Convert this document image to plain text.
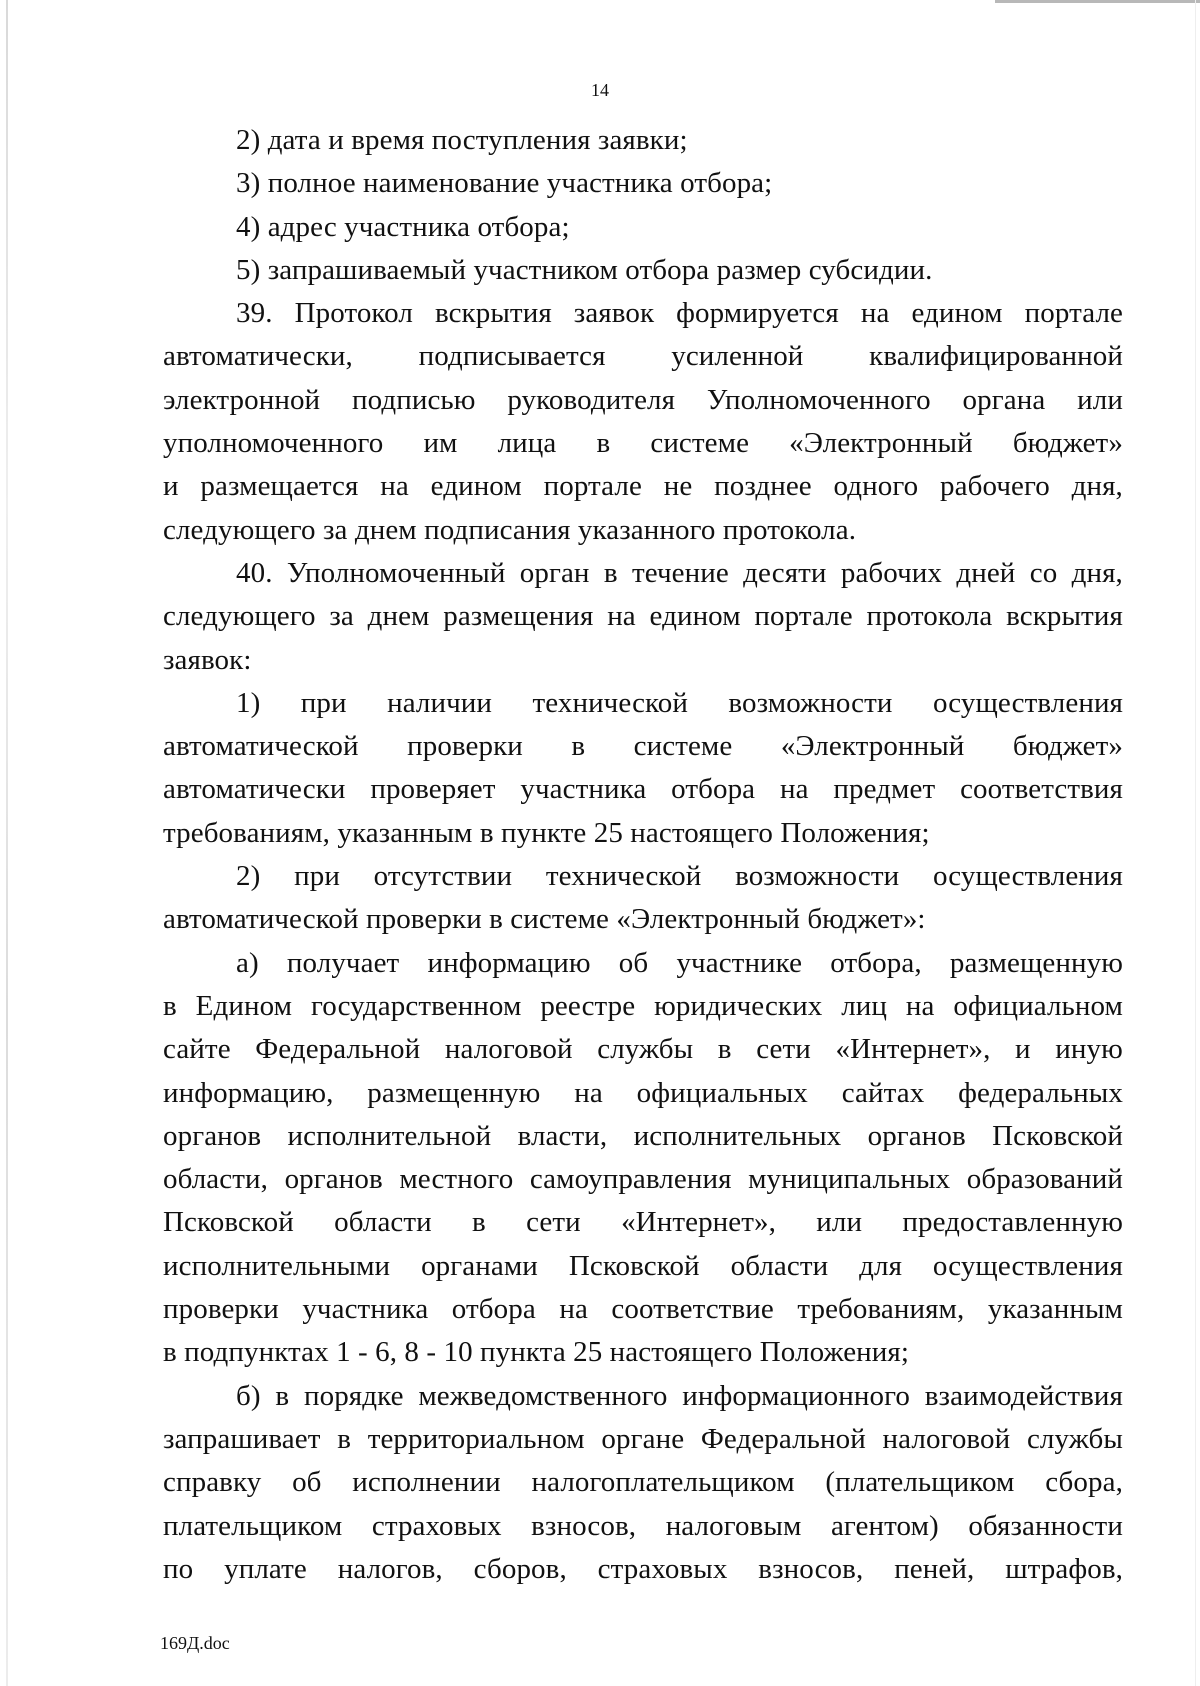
14
2) дата и время поступления заявки;
3) полное наименование участника отбора;
4) адрес участника отбора;
5) запрашиваемый участником отбора размер субсидии.
39. Протокол вскрытия заявок формируется на едином портале
автоматически, подписывается усиленной квалифицированной
электронной подписью руководителя Уполномоченного органа или
уполномоченного им лица в системе «Электронный бюджет»
и размещается на едином портале не позднее одного рабочего дня,
следующего за днем подписания указанного протокола.
40. Уполномоченный орган в течение десяти рабочих дней со дня,
следующего за днем размещения на едином портале протокола вскрытия
заявок:
1) при наличии технической возможности осуществления
автоматической проверки в системе «Электронный бюджет»
автоматически проверяет участника отбора на предмет соответствия
требованиям, указанным в пункте 25 настоящего Положения;
2) при отсутствии технической возможности осуществления
автоматической проверки в системе «Электронный бюджет»:
а) получает информацию об участнике отбора, размещенную
в Едином государственном реестре юридических лиц на официальном
сайте Федеральной налоговой службы в сети «Интернет», и иную
информацию, размещенную на официальных сайтах федеральных
органов исполнительной власти, исполнительных органов Псковской
области, органов местного самоуправления муниципальных образований
Псковской области в сети «Интернет», или предоставленную
исполнительными органами Псковской области для осуществления
проверки участника отбора на соответствие требованиям, указанным
в подпунктах 1 - 6, 8 - 10 пункта 25 настоящего Положения;
б) в порядке межведомственного информационного взаимодействия
запрашивает в территориальном органе Федеральной налоговой службы
справку об исполнении налогоплательщиком (плательщиком сбора,
плательщиком страховых взносов, налоговым агентом) обязанности
по уплате налогов, сборов, страховых взносов, пеней, штрафов,
169Д.doc
